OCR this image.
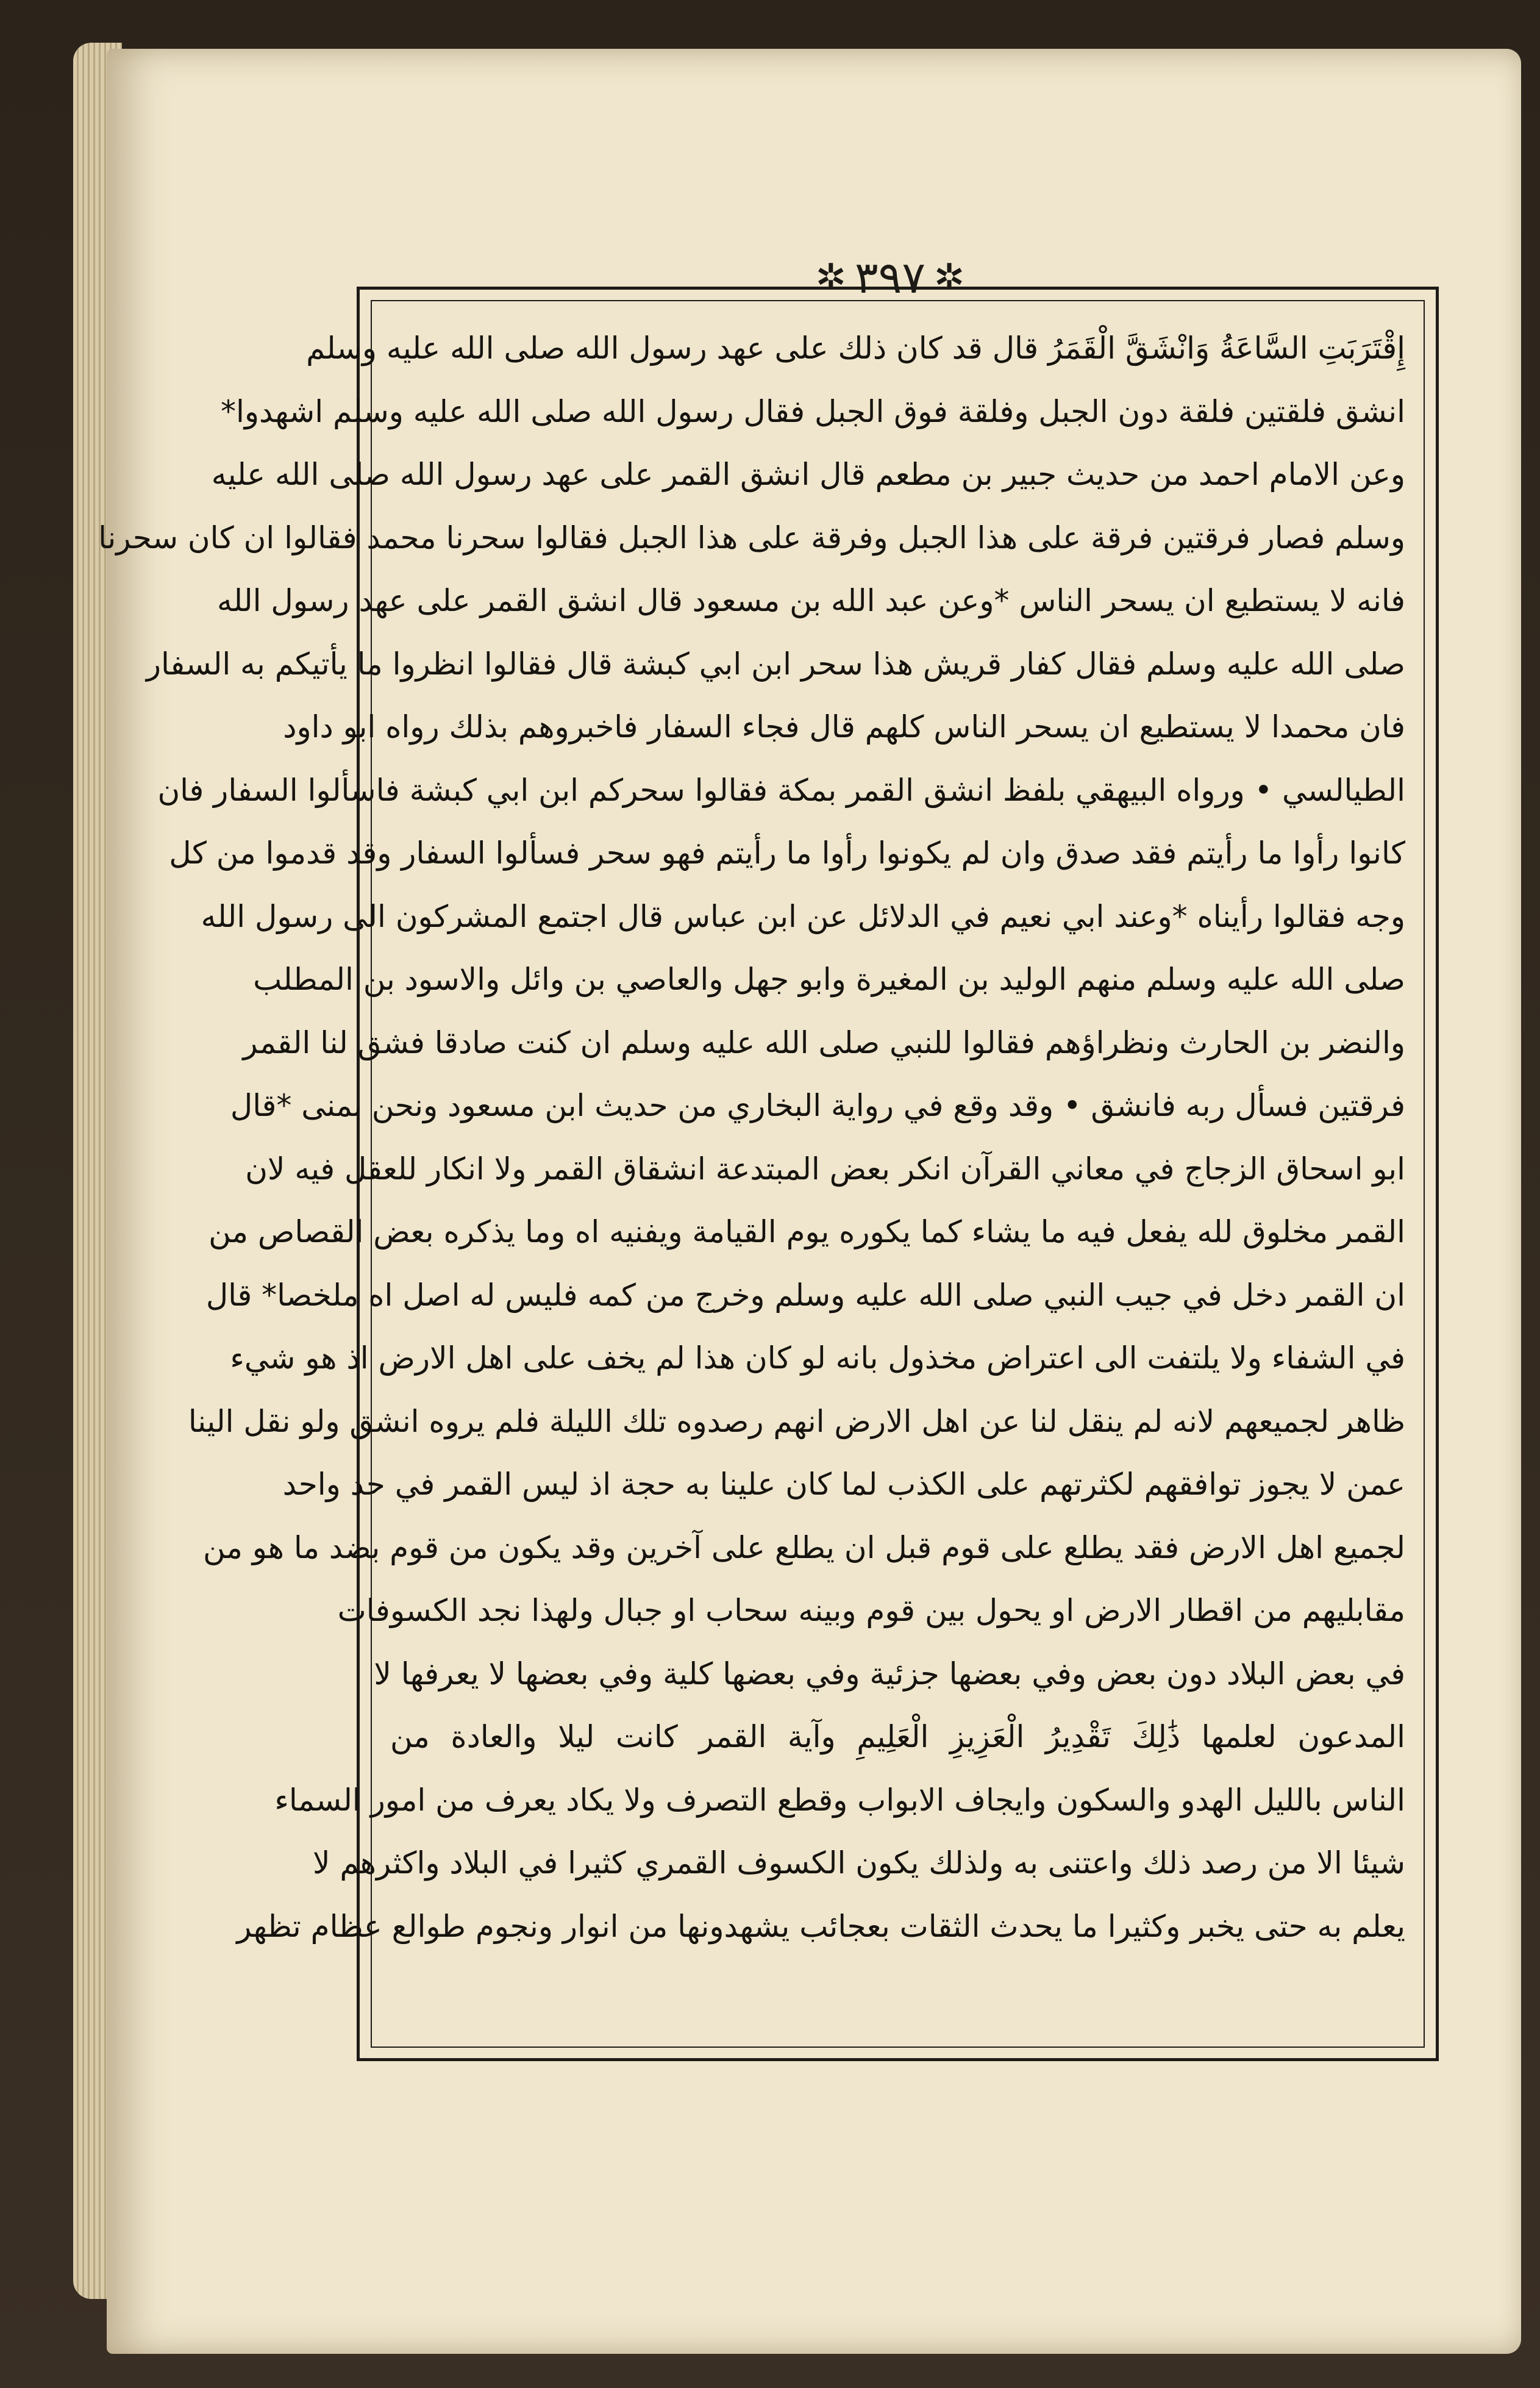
✲
٣٩٧
✲
إِقْتَرَبَتِ السَّاعَةُ وَانْشَقَّ الْقَمَرُ قال قد كان ذلك على عهد رسول الله صلى الله عليه وسلم
انشق فلقتين فلقة دون الجبل وفلقة فوق الجبل فقال رسول الله صلى الله عليه وسلم اشهدوا*
وعن الامام احمد من حديث جبير بن مطعم قال انشق القمر على عهد رسول الله صلى الله عليه
وسلم فصار فرقتين فرقة على هذا الجبل وفرقة على هذا الجبل فقالوا سحرنا محمد فقالوا ان كان سحرنا
فانه لا يستطيع ان يسحر الناس *وعن عبد الله بن مسعود قال انشق القمر على عهد رسول الله
صلى الله عليه وسلم فقال كفار قريش هذا سحر ابن ابي كبشة قال فقالوا انظروا ما يأتيكم به السفار
فان محمدا لا يستطيع ان يسحر الناس كلهم قال فجاء السفار فاخبروهم بذلك رواه ابو داود
الطيالسي • ورواه البيهقي بلفظ انشق القمر بمكة فقالوا سحركم ابن ابي كبشة فاسألوا السفار فان
كانوا رأوا ما رأيتم فقد صدق وان لم يكونوا رأوا ما رأيتم فهو سحر فسألوا السفار وقد قدموا من كل
وجه فقالوا رأيناه *وعند ابي نعيم في الدلائل عن ابن عباس قال اجتمع المشركون الى رسول الله
صلى الله عليه وسلم منهم الوليد بن المغيرة وابو جهل والعاصي بن وائل والاسود بن المطلب
والنضر بن الحارث ونظراؤهم فقالوا للنبي صلى الله عليه وسلم ان كنت صادقا فشق لنا القمر
فرقتين فسأل ربه فانشق • وقد وقع في رواية البخاري من حديث ابن مسعود ونحن بمنى *قال
ابو اسحاق الزجاج في معاني القرآن انكر بعض المبتدعة انشقاق القمر ولا انكار للعقل فيه لان
القمر مخلوق لله يفعل فيه ما يشاء كما يكوره يوم القيامة ويفنيه اه وما يذكره بعض القصاص من
ان القمر دخل في جيب النبي صلى الله عليه وسلم وخرج من كمه فليس له اصل اه ملخصا* قال
في الشفاء ولا يلتفت الى اعتراض مخذول بانه لو كان هذا لم يخف على اهل الارض اذ هو شيء
ظاهر لجميعهم لانه لم ينقل لنا عن اهل الارض انهم رصدوه تلك الليلة فلم يروه انشق ولو نقل الينا
عمن لا يجوز توافقهم لكثرتهم على الكذب لما كان علينا به حجة اذ ليس القمر في حد واحد
لجميع اهل الارض فقد يطلع على قوم قبل ان يطلع على آخرين وقد يكون من قوم بضد ما هو من
مقابليهم من اقطار الارض او يحول بين قوم وبينه سحاب او جبال ولهذا نجد الكسوفات
في بعض البلاد دون بعض وفي بعضها جزئية وفي بعضها كلية وفي بعضها لا يعرفها لا
المدعون لعلمها ذَٰلِكَ تَقْدِيرُ الْعَزِيزِ الْعَلِيمِ وآية القمر كانت ليلا والعادة من
الناس بالليل الهدو والسكون وايجاف الابواب وقطع التصرف ولا يكاد يعرف من امور السماء
شيئا الا من رصد ذلك واعتنى به ولذلك يكون الكسوف القمري كثيرا في البلاد واكثرهم لا
يعلم به حتى يخبر وكثيرا ما يحدث الثقات بعجائب يشهدونها من انوار ونجوم طوالع عظام تظهر
